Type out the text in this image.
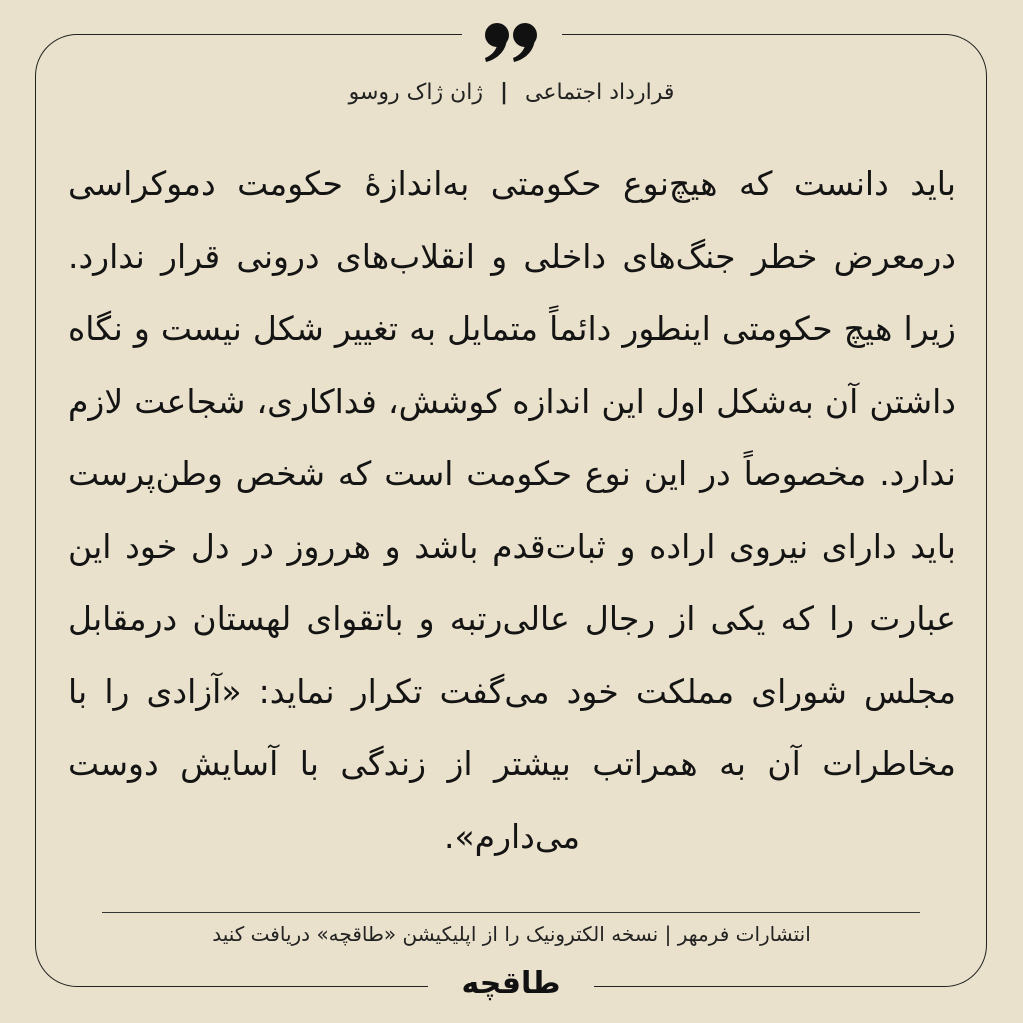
قرارداد اجتماعی | ژان ژاک روسو
باید دانست که هیچ‌نوع حکومتی به‌اندازهٔ حکومت دموکراسی درمعرض خطر جنگ‌های داخلی و انقلاب‌های درونی قرار ندارد. زیرا هیچ حکومتی اینطور دائماً متمایل به تغییر شکل نیست و نگاه داشتن آن به‌شکل اول این اندازه کوشش، فداکاری، شجاعت لازم ندارد. مخصوصاً در این نوع حکومت است که شخص وطن‌پرست باید دارای نیروی اراده و ثبات‌قدم باشد و هرروز در دل خود این عبارت را که یکی از رجال عالی‌رتبه و باتقوای لهستان درمقابل مجلس شورای مملکت خود می‌گفت تکرار نماید: «آزادی را با مخاطرات آن به همراتب بیشتر از زندگی با آسایش دوست می‌دارم».
انتشارات فرمهر | نسخه الکترونیک را از اپلیکیشن «طاقچه» دریافت کنید
طاقچه
